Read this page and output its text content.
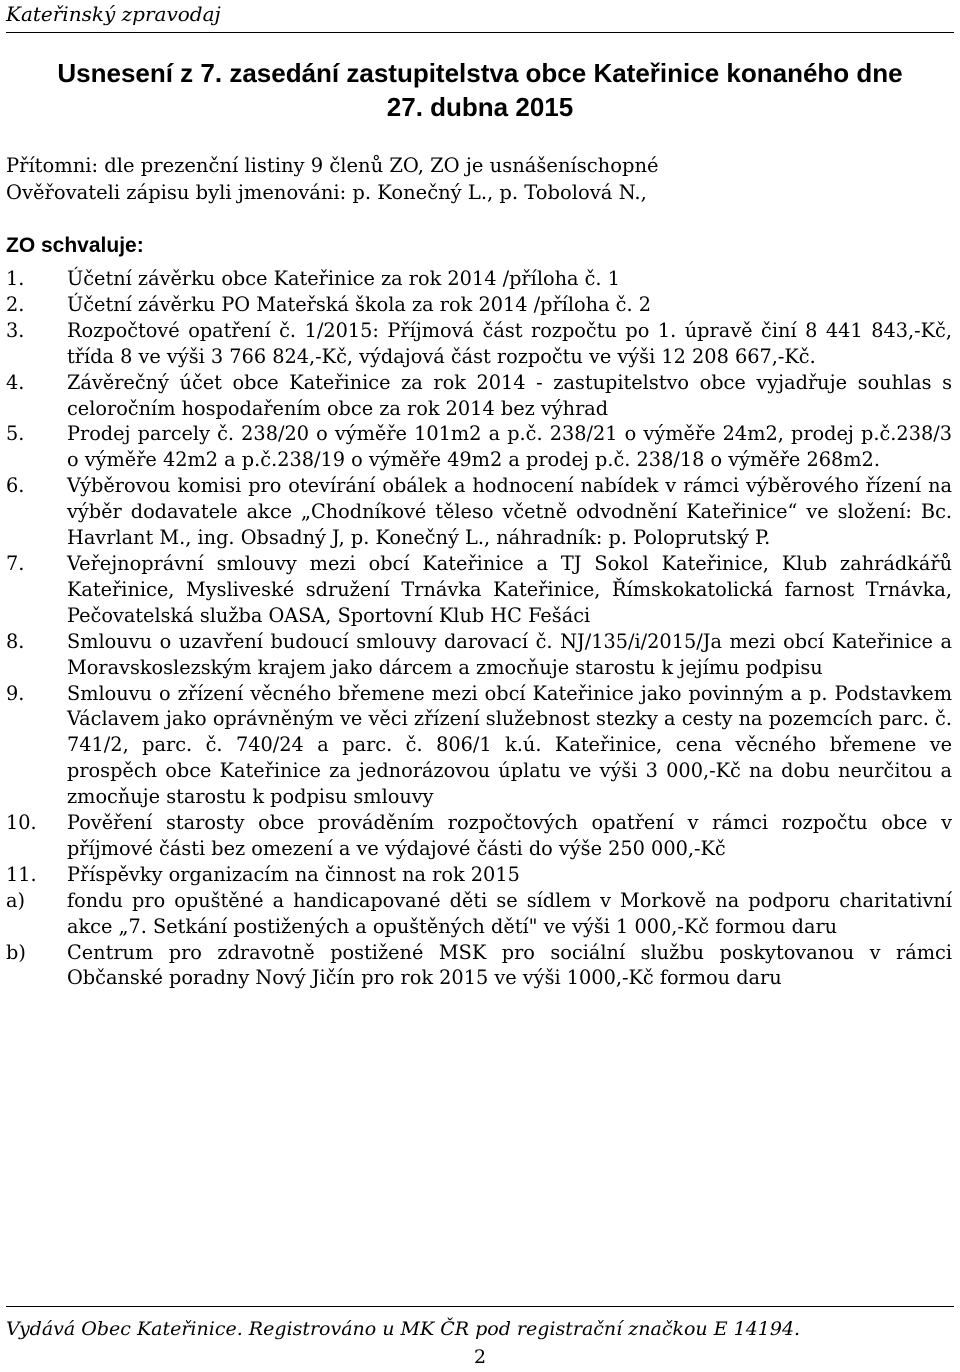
Kateřinský zpravodaj
Usnesení z 7. zasedání zastupitelstva obce Kateřinice konaného dne
27. dubna 2015
Přítomni: dle prezenční listiny 9 členů ZO, ZO je usnášeníschopné
Ověřovateli zápisu byli jmenováni: p. Konečný L., p. Tobolová N.,
ZO schvaluje:
1.	Účetní závěrku obce Kateřinice za rok 2014 /příloha č. 1
2.	Účetní závěrku PO Mateřská škola za rok 2014 /příloha č. 2
3.	Rozpočtové opatření č. 1/2015: Příjmová část rozpočtu po 1. úpravě činí 8 441 843,-Kč, třída 8 ve výši 3 766 824,-Kč, výdajová část rozpočtu ve výši 12 208 667,-Kč.
4.	Závěrečný účet obce Kateřinice za rok 2014 - zastupitelstvo obce vyjadřuje souhlas s celoročním hospodařením obce za rok 2014 bez výhrad
5.	Prodej parcely č. 238/20 o výměře 101m2 a p.č. 238/21 o výměře 24m2, prodej p.č.238/3 o výměře 42m2 a p.č.238/19 o výměře 49m2 a prodej p.č. 238/18 o výměře 268m2.
6.	Výběrovou komisi pro otevírání obálek a hodnocení nabídek v rámci výběrového řízení na výběr dodavatele akce „Chodníkové těleso včetně odvodnění Kateřinice“ ve složení: Bc. Havrlant M., ing. Obsadný J, p. Konečný L., náhradník: p. Poloprutský P.
7.	Veřejnoprávní smlouvy mezi obcí Kateřinice a TJ Sokol Kateřinice, Klub zahrádkářů Kateřinice, Mysliveské sdružení Trnávka Kateřinice, Římskokatolická farnost Trnávka, Pečovatelská služba OASA, Sportovní Klub HC Fešáci
8.	Smlouvu o uzavření budoucí smlouvy darovací č. NJ/135/i/2015/Ja mezi obcí Kateřinice a Moravskoslezským krajem jako dárcem a zmocňuje starostu k jejímu podpisu
9.	Smlouvu o zřízení věcného břemene mezi obcí Kateřinice jako povinným a p. Podstavkem Václavem jako oprávněným ve věci zřízení služebnost stezky a cesty na pozemcích parc. č. 741/2, parc. č. 740/24 a parc. č. 806/1 k.ú. Kateřinice, cena věcného břemene ve prospěch obce Kateřinice za jednorázovou úplatu ve výši 3 000,-Kč na dobu neurčitou a zmocňuje starostu k podpisu smlouvy
10.	Pověření starosty obce prováděním rozpočtových opatření v rámci rozpočtu obce v příjmové části bez omezení a ve výdajové části do výše 250 000,-Kč
11.	Příspěvky organizacím na činnost na rok 2015
a)	fondu pro opuštěné a handicapované děti se sídlem v Morkově na podporu charitativní akce „7. Setkání postižených a opuštěných dětí" ve výši 1 000,-Kč formou daru
b)	Centrum pro zdravotně postižené MSK pro sociální službu poskytovanou v rámci Občanské poradny Nový Jičín pro rok 2015 ve výši 1000,-Kč formou daru
Vydává Obec Kateřinice. Registrováno u MK ČR pod registrační značkou E 14194.
2
